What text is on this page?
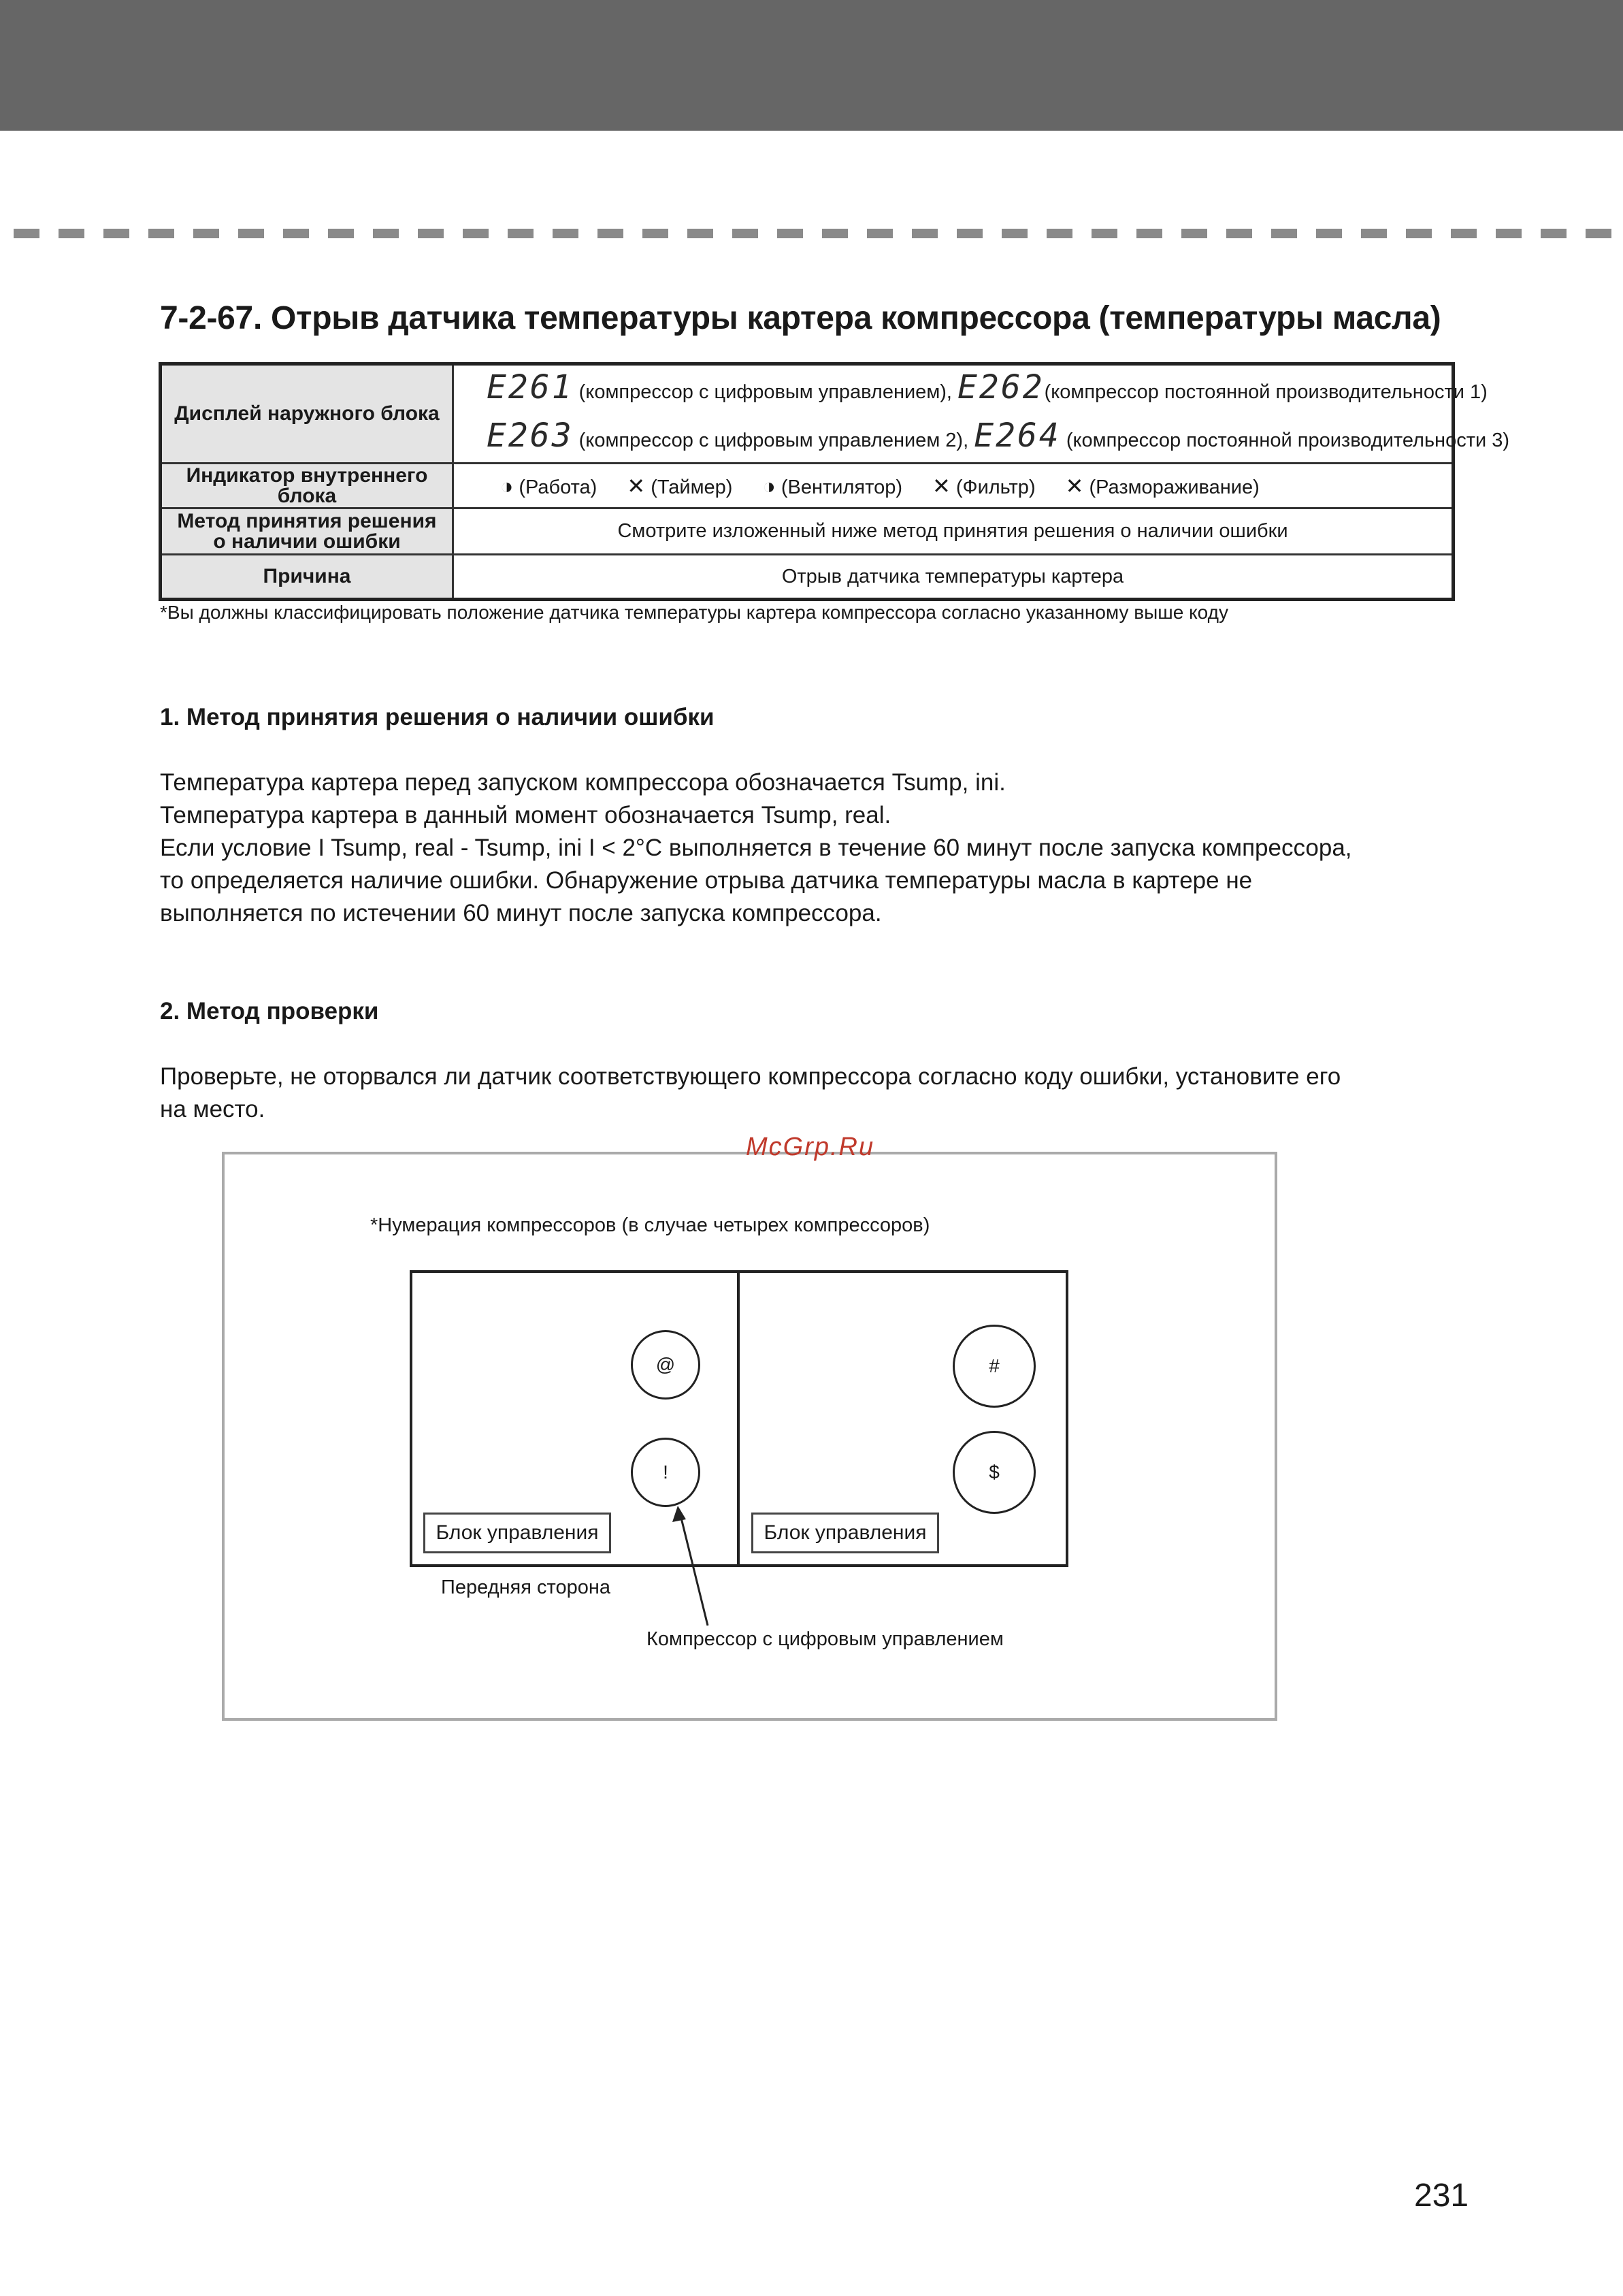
7-2-67. Отрыв датчика температуры картера компрессора (температуры масла)
Дисплей наружного блока	E261 (компрессор с цифровым управлением), E262(компрессор постоянной производительности 1)
E263 (компрессор с цифровым управлением 2), E264 (компрессор постоянной производительности 3)

Индикатор внутреннего блока	◑ (Работа) ✕ (Таймер) ◑ (Вентилятор) ✕ (Фильтр) ✕ (Размораживание)

Метод принятия решения
о наличии ошибки	Смотрите изложенный ниже метод принятия решения о наличии ошибки
Причина	Отрыв датчика температуры картера
*Вы должны классифицировать положение датчика температуры картера компрессора согласно указанному выше коду
1. Метод принятия решения о наличии ошибки
Температура картера перед запуском компрессора обозначается Tsump, ini.
Температура картера в данный момент обозначается Tsump, real.
Если условие I Tsump, real - Tsump, ini I < 2°C выполняется в течение 60 минут после запуска компрессора,
то определяется наличие ошибки. Обнаружение отрыва датчика температуры масла в картере не
выполняется по истечении 60 минут после запуска компрессора.
2. Метод проверки
Проверьте, не оторвался ли датчик соответствующего компрессора согласно коду ошибки, установите его
на место.
McGrp.Ru
*Нумерация компрессоров (в случае четырех компрессоров)
@
!
#
$
Блок управления	Блок управления
Передняя сторона
Компрессор с цифровым управлением
231
